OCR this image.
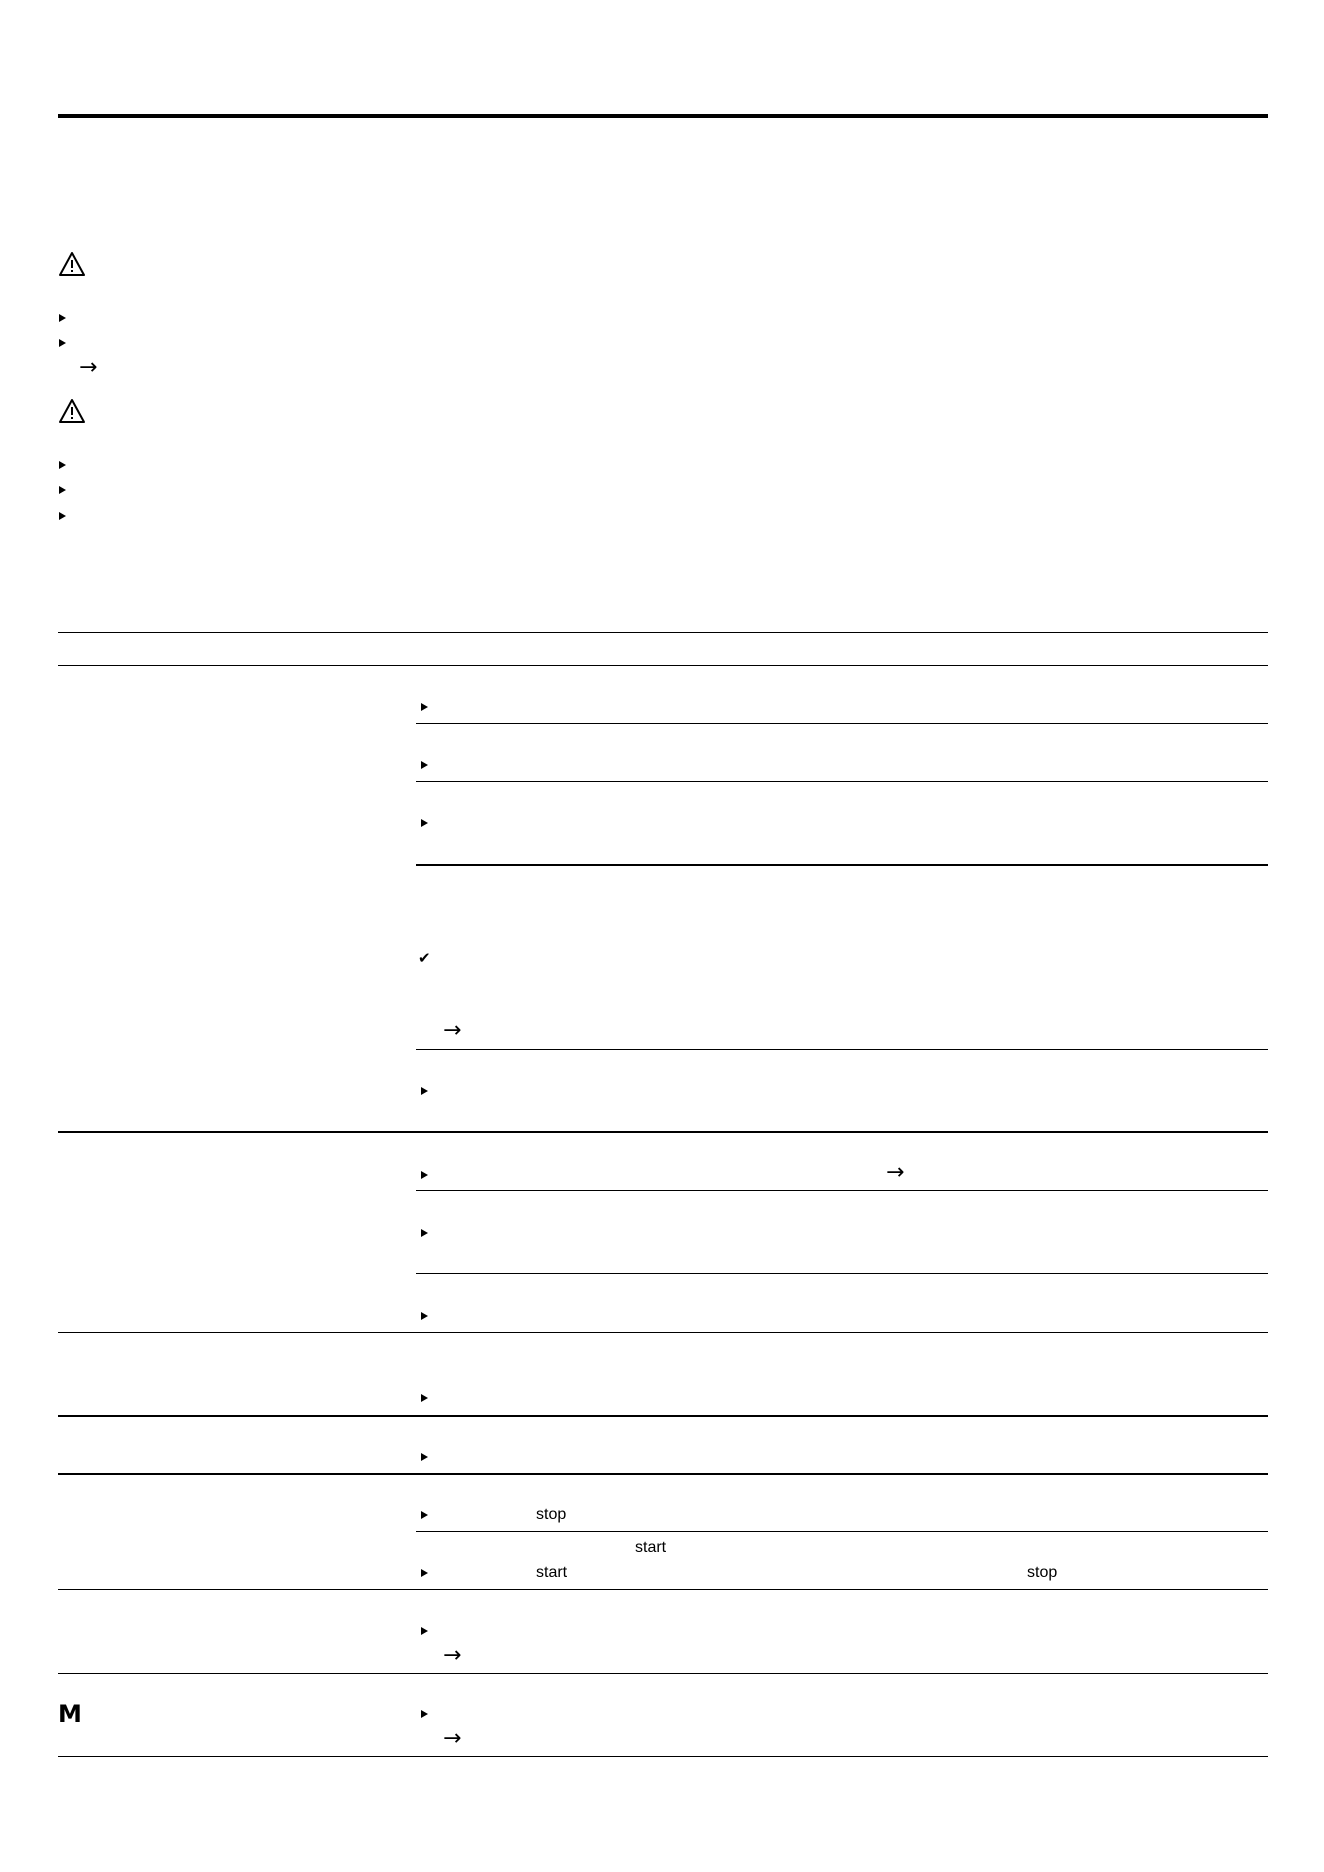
→
✔
→
→
stop
start
start	stop
→
M
→
